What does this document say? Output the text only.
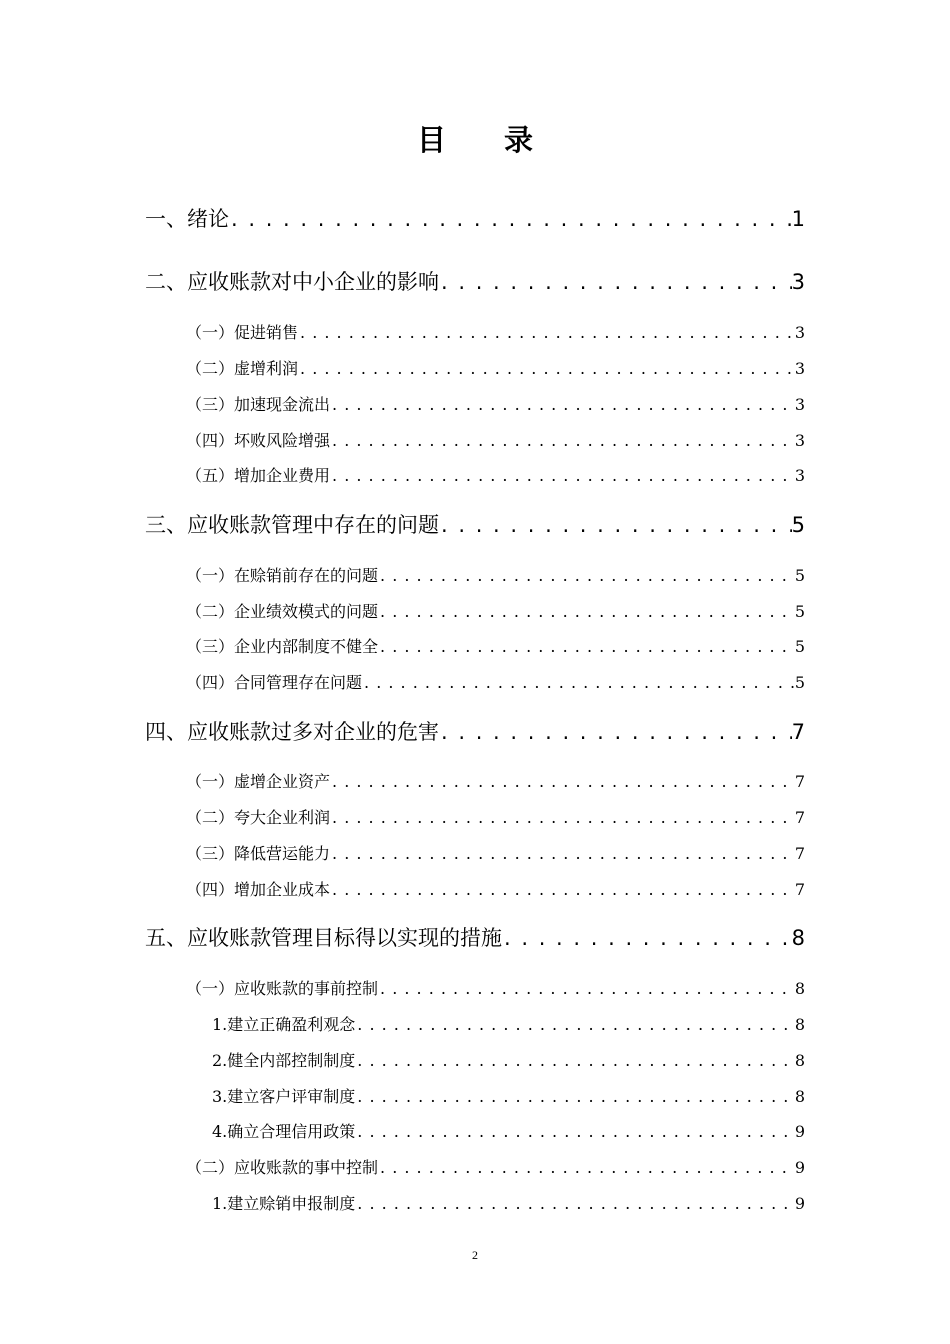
目录
一、绪论 . . .	1
二、应收账款对中小企业的影响 . . .	3
（一）促进销售 . . .	3
（二）虚增利润 . . .	3
（三）加速现金流出 . . .	3
（四）坏败风险增强 . . .	3
（五）增加企业费用 . . .	3
三、应收账款管理中存在的问题 . . .	5
（一）在赊销前存在的问题 . . .	5
（二）企业绩效模式的问题 . . .	5
（三）企业内部制度不健全 . . .	5
（四）合同管理存在问题 . . .	5
四、应收账款过多对企业的危害 . . .	7
（一）虚增企业资产 . . .	7
（二）夸大企业利润 . . .	7
（三）降低营运能力 . . .	7
（四）增加企业成本 . . .	7
五、应收账款管理目标得以实现的措施 . . .	8
（一）应收账款的事前控制 . . .	8
1.建立正确盈利观念 . . .	8
2.健全内部控制制度 . . .	8
3.建立客户评审制度 . . .	8
4.确立合理信用政策 . . .	9
（二）应收账款的事中控制 . . .	9
1.建立赊销申报制度 . . .	9
2
